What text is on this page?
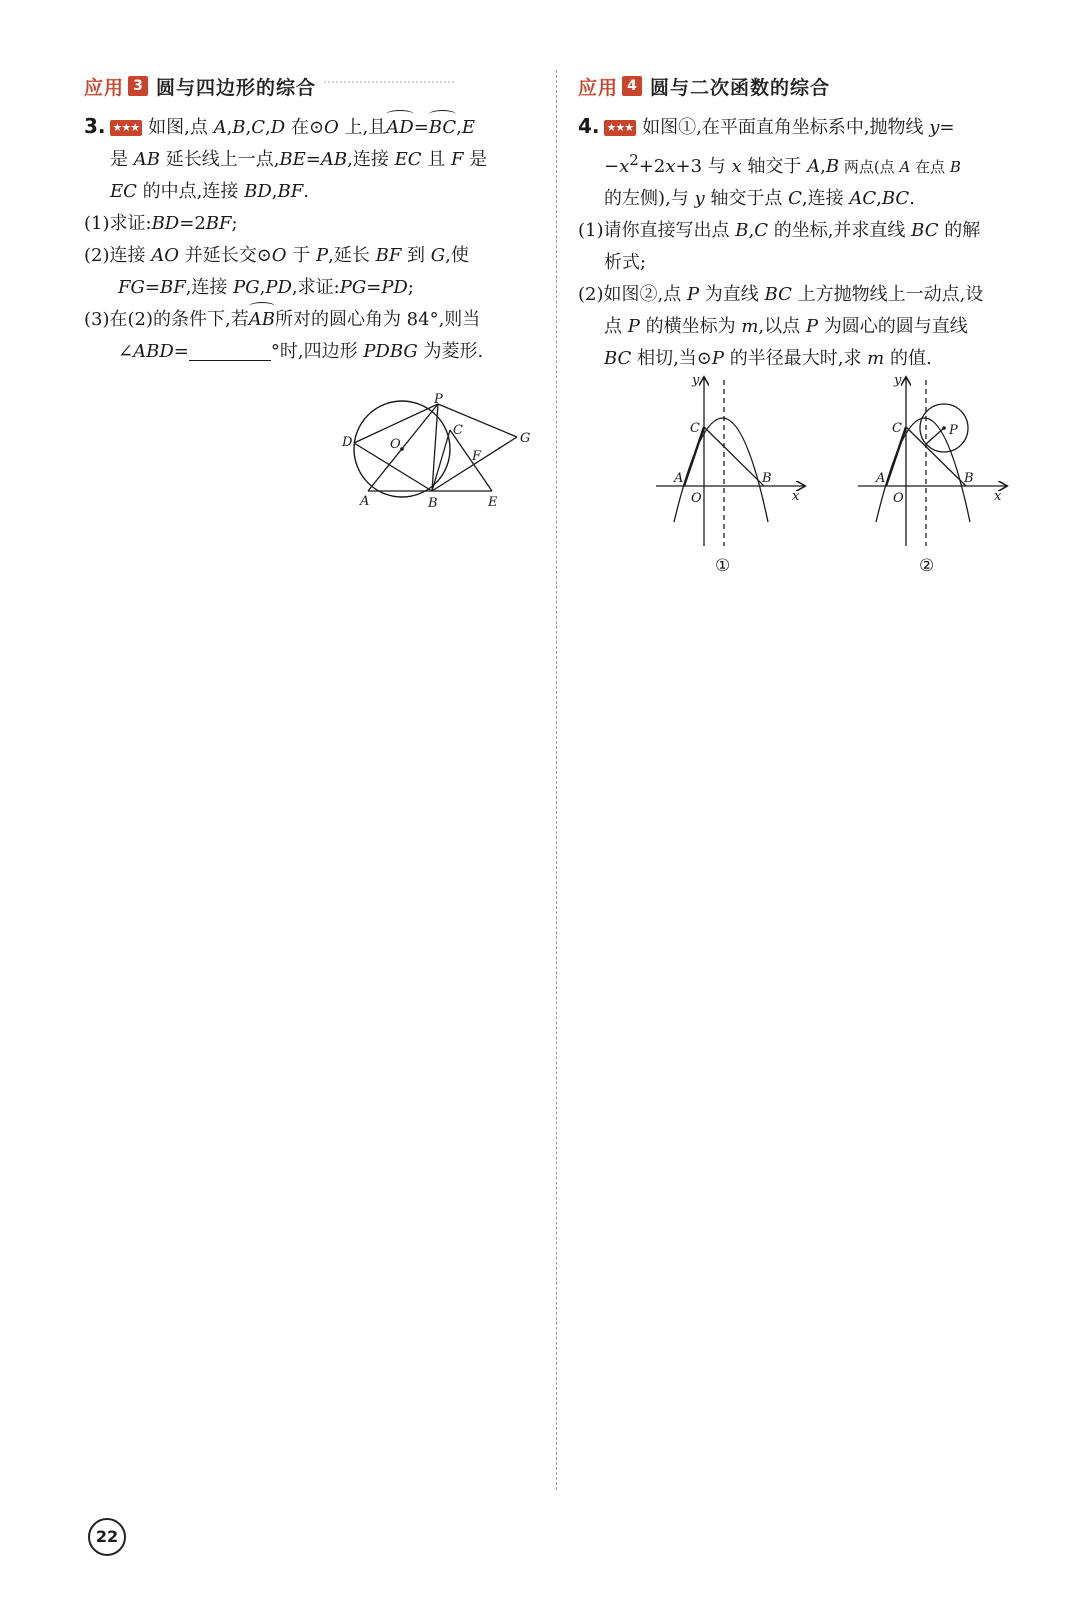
应用 3 圆与四边形的综合
3. ★★★ 如图,点 A,B,C,D 在⊙O 上,且AD=BC,E
是 AB 延长线上一点,BE=AB,连接 EC 且 F 是
EC 的中点,连接 BD,BF.
(1)求证:BD=2BF;
(2)连接 AO 并延长交⊙O 于 P,延长 BF 到 G,使
FG=BF,连接 PG,PD,求证:PG=PD;
(3)在(2)的条件下,若AB所对的圆心角为 84°,则当
∠ABD=	°时,四边形 PDBG 为菱形.
P
D	O
C
G
F
A	B	E
应用 4 圆与二次函数的综合
4. ★★★ 如图①,在平面直角坐标系中,抛物线 y=
$-x^2+2x+3$ 与 x 轴交于 A,B 两点(点 A 在点 B
的左侧),与 y 轴交于点 C,连接 AC,BC.
(1)请你直接写出点 B,C 的坐标,并求直线 BC 的解
析式;
(2)如图②,点 P 为直线 BC 上方抛物线上一动点,设
点 P 的横坐标为 m,以点 P 为圆心的圆与直线
BC 相切,当⊙P 的半径最大时,求 m 的值.
y
x
C
A
O
B
①
y
x
C
A
O
B
P
②
22
